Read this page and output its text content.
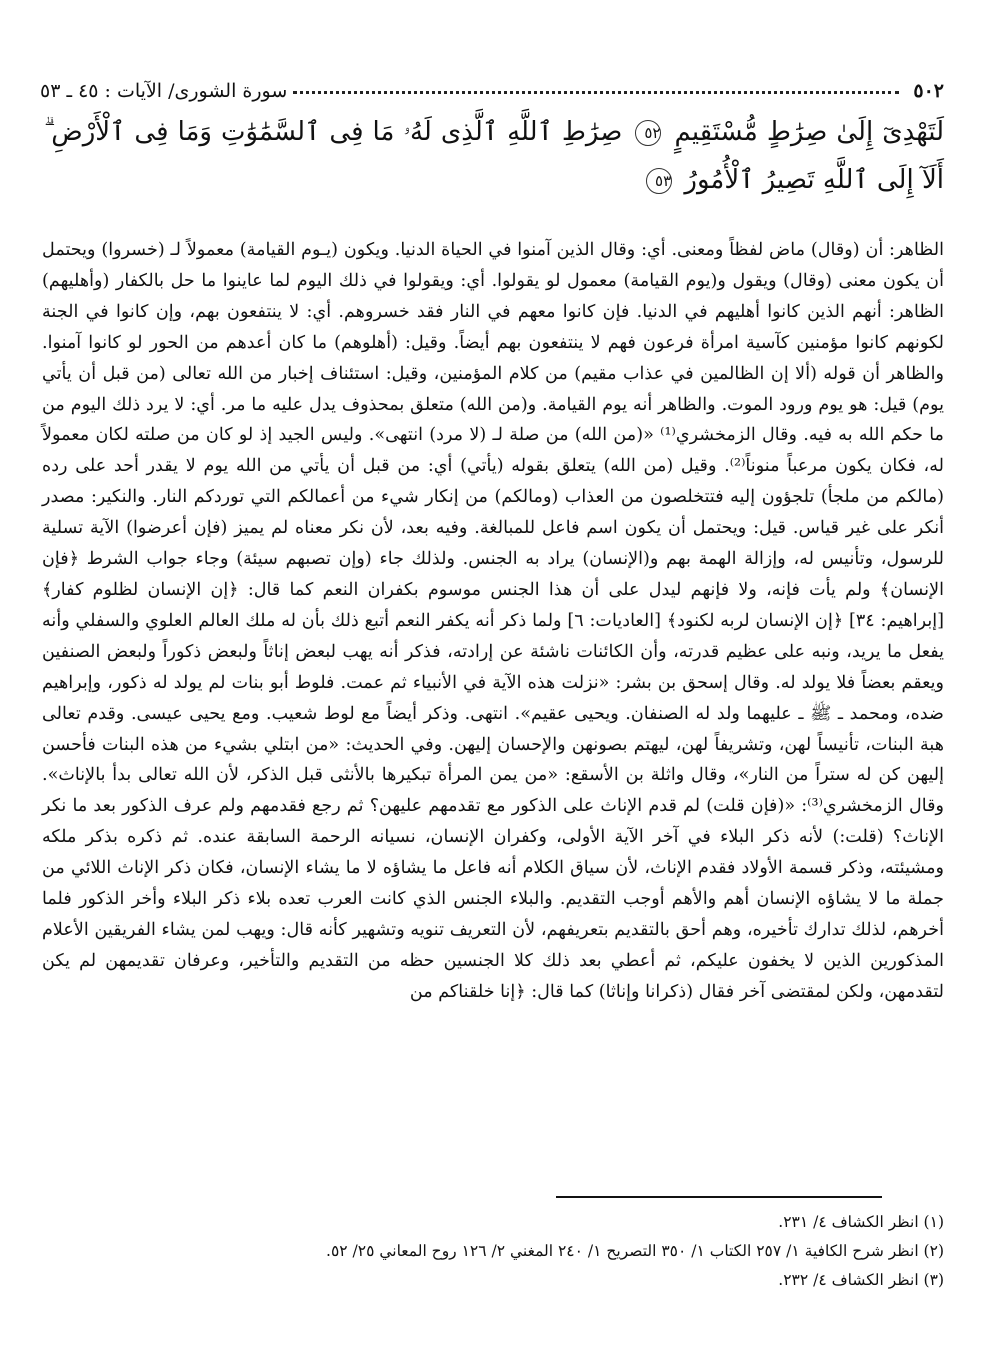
٥٠٢
سورة الشورى/ الآيات : ٤٥ ـ ٥٣
لَتَهْدِىٓ إِلَىٰ صِرَٰطٍ مُّسْتَقِيمٍ ٥٢ صِرَٰطِ ٱللَّهِ ٱلَّذِى لَهُۥ مَا فِى ٱلسَّمَٰوَٰتِ وَمَا فِى ٱلْأَرْضِ ۗ أَلَآ إِلَى ٱللَّهِ تَصِيرُ ٱلْأُمُورُ ٥٣

الظاهر: أن (وقال) ماض لفظاً ومعنى. أي: وقال الذين آمنوا في الحياة الدنيا. ويكون (يـوم القيامة) معمولاً لـ (خسروا) ويحتمل أن يكون معنى (وقال) ويقول و(يوم القيامة) معمول لو يقولوا. أي: ويقولوا في ذلك اليوم لما عاينوا ما حل بالكفار (وأهليهم) الظاهر: أنهم الذين كانوا أهليهم في الدنيا. فإن كانوا معهم في النار فقد خسروهم. أي: لا ينتفعون بهم، وإن كانوا في الجنة لكونهم كانوا مؤمنين كآسية امرأة فرعون فهم لا ينتفعون بهم أيضاً. وقيل: (أهلوهم) ما كان أعدهم من الحور لو كانوا آمنوا. والظاهر أن قوله (ألا إن الظالمين في عذاب مقيم) من كلام المؤمنين، وقيل: استئناف إخبار من الله تعالى (من قبل أن يأتي يوم) قيل: هو يوم ورود الموت. والظاهر أنه يوم القيامة. و(من الله) متعلق بمحذوف يدل عليه ما مر. أي: لا يرد ذلك اليوم من ما حكم الله به فيه. وقال الزمخشري⁽¹⁾ «(من الله) من صلة لـ (لا مرد) انتهى». وليس الجيد إذ لو كان من صلته لكان معمولاً له، فكان يكون مرعباً منوناً⁽²⁾. وقيل (من الله) يتعلق بقوله (يأتي) أي: من قبل أن يأتي من الله يوم لا يقدر أحد على رده (مالكم من ملجأ) تلجؤون إليه فتتخلصون من العذاب (ومالكم) من إنكار شيء من أعمالكم التي توردكم النار. والنكير: مصدر أنكر على غير قياس. قيل: ويحتمل أن يكون اسم فاعل للمبالغة. وفيه بعد، لأن نكر معناه لم يميز (فإن أعرضوا) الآية تسلية للرسول، وتأنيس له، وإزالة الهمة بهم و(الإنسان) يراد به الجنس. ولذلك جاء (وإن تصبهم سيئة) وجاء جواب الشرط ﴿فإن الإنسان﴾ ولم يأت فإنه، ولا فإنهم ليدل على أن هذا الجنس موسوم بكفران النعم كما قال: ﴿إن الإنسان لظلوم كفار﴾ [إبراهيم: ٣٤] ﴿إن الإنسان لربه لكنود﴾ [العاديات: ٦] ولما ذكر أنه يكفر النعم أتبع ذلك بأن له ملك العالم العلوي والسفلي وأنه يفعل ما يريد، ونبه على عظيم قدرته، وأن الكائنات ناشئة عن إرادته، فذكر أنه يهب لبعض إناثاً ولبعض ذكوراً ولبعض الصنفين ويعقم بعضاً فلا يولد له. وقال إسحق بن بشر: «نزلت هذه الآية في الأنبياء ثم عمت. فلوط أبو بنات لم يولد له ذكور، وإبراهيم ضده، ومحمد ـ ﷺ ـ عليهما ولد له الصنفان. ويحيى عقيم». انتهى. وذكر أيضاً مع لوط شعيب. ومع يحيى عيسى. وقدم تعالى هبة البنات، تأنيساً لهن، وتشريفاً لهن، ليهتم بصونهن والإحسان إليهن. وفي الحديث: «من ابتلي بشيء من هذه البنات فأحسن إليهن كن له ستراً من النار»، وقال واثلة بن الأسقع: «من يمن المرأة تبكيرها بالأنثى قبل الذكر، لأن الله تعالى بدأ بالإناث». وقال الزمخشري⁽³⁾: «(فإن قلت) لم قدم الإناث على الذكور مع تقدمهم عليهن؟ ثم رجع فقدمهم ولم عرف الذكور بعد ما نكر الإناث؟ (قلت:) لأنه ذكر البلاء في آخر الآية الأولى، وكفران الإنسان، نسيانه الرحمة السابقة عنده. ثم ذكره بذكر ملكه ومشيئته، وذكر قسمة الأولاد فقدم الإناث، لأن سياق الكلام أنه فاعل ما يشاؤه لا ما يشاء الإنسان، فكان ذكر الإناث اللائي من جملة ما لا يشاؤه الإنسان أهم والأهم أوجب التقديم. والبلاء الجنس الذي كانت العرب تعده بلاء ذكر البلاء وأخر الذكور فلما أخرهم، لذلك تدارك تأخيره، وهم أحق بالتقديم بتعريفهم، لأن التعريف تنويه وتشهير كأنه قال: ويهب لمن يشاء الفريقين الأعلام المذكورين الذين لا يخفون عليكم، ثم أعطي بعد ذلك كلا الجنسين حظه من التقديم والتأخير، وعرفان تقديمهن لم يكن لتقدمهن، ولكن لمقتضى آخر فقال (ذكرانا وإناثا) كما قال: ﴿إنا خلقناكم من

(١) انظر الكشاف ٤/ ٢٣١.
(٢) انظر شرح الكافية ١/ ٢٥٧ الكتاب ١/ ٣٥٠ التصريح ١/ ٢٤٠ المغني ٢/ ١٢٦ روح المعاني ٢٥/ ٥٢.
(٣) انظر الكشاف ٤/ ٢٣٢.
